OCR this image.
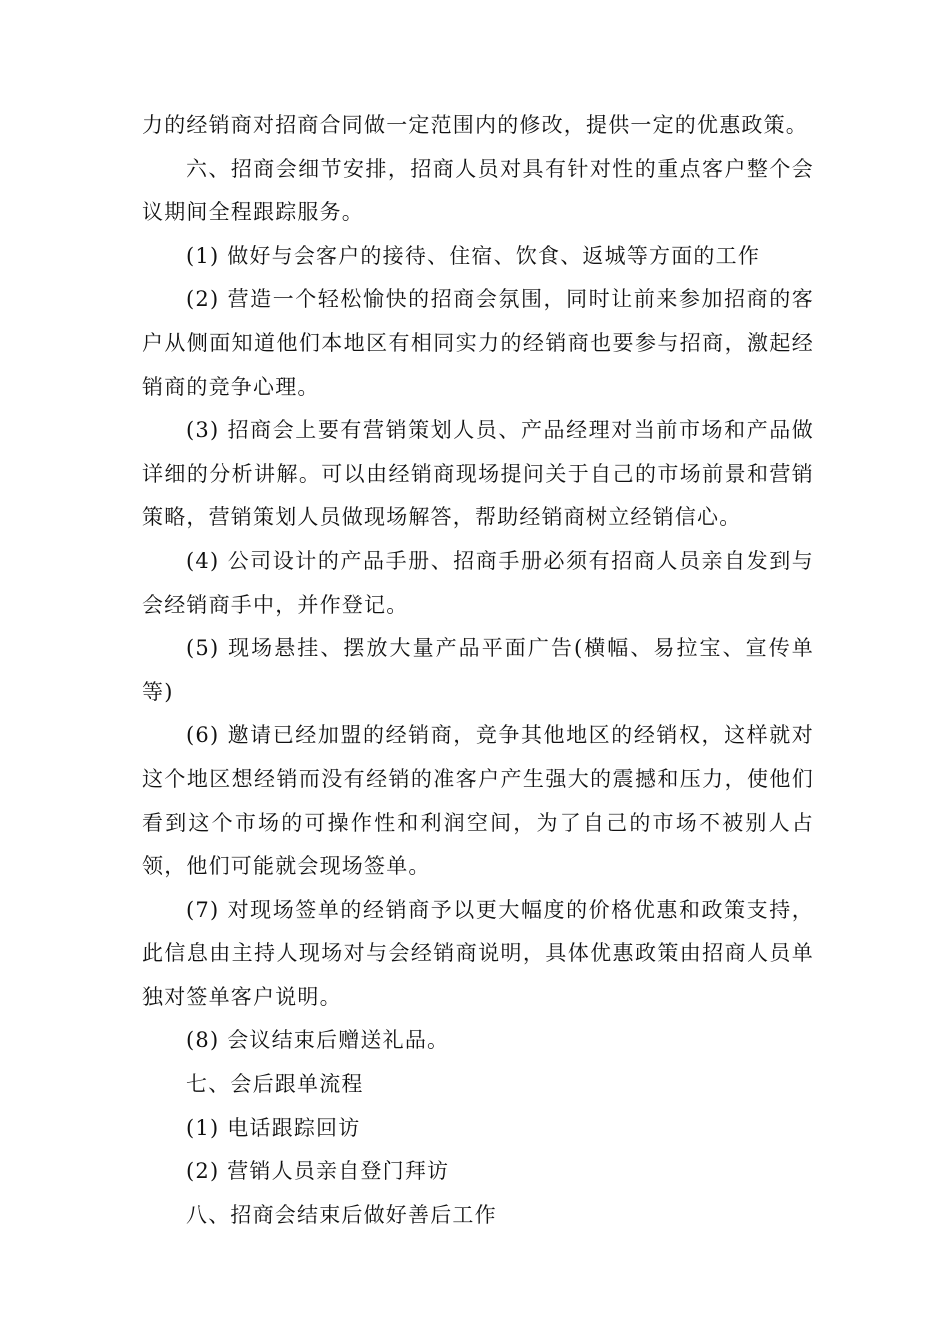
力的经销商对招商合同做一定范围内的修改，提供一定的优惠政策。

六、招商会细节安排，招商人员对具有针对性的重点客户整个会议期间全程跟踪服务。

(1) 做好与会客户的接待、住宿、饮食、返城等方面的工作

(2) 营造一个轻松愉快的招商会氛围，同时让前来参加招商的客户从侧面知道他们本地区有相同实力的经销商也要参与招商，激起经销商的竞争心理。

(3) 招商会上要有营销策划人员、产品经理对当前市场和产品做详细的分析讲解。可以由经销商现场提问关于自己的市场前景和营销策略，营销策划人员做现场解答，帮助经销商树立经销信心。

(4) 公司设计的产品手册、招商手册必须有招商人员亲自发到与会经销商手中，并作登记。

(5) 现场悬挂、摆放大量产品平面广告(横幅、易拉宝、宣传单等)

(6) 邀请已经加盟的经销商，竞争其他地区的经销权，这样就对这个地区想经销而没有经销的准客户产生强大的震撼和压力，使他们看到这个市场的可操作性和利润空间，为了自己的市场不被别人占领，他们可能就会现场签单。

(7) 对现场签单的经销商予以更大幅度的价格优惠和政策支持，此信息由主持人现场对与会经销商说明，具体优惠政策由招商人员单独对签单客户说明。

(8) 会议结束后赠送礼品。

七、会后跟单流程

(1) 电话跟踪回访

(2) 营销人员亲自登门拜访

八、招商会结束后做好善后工作
